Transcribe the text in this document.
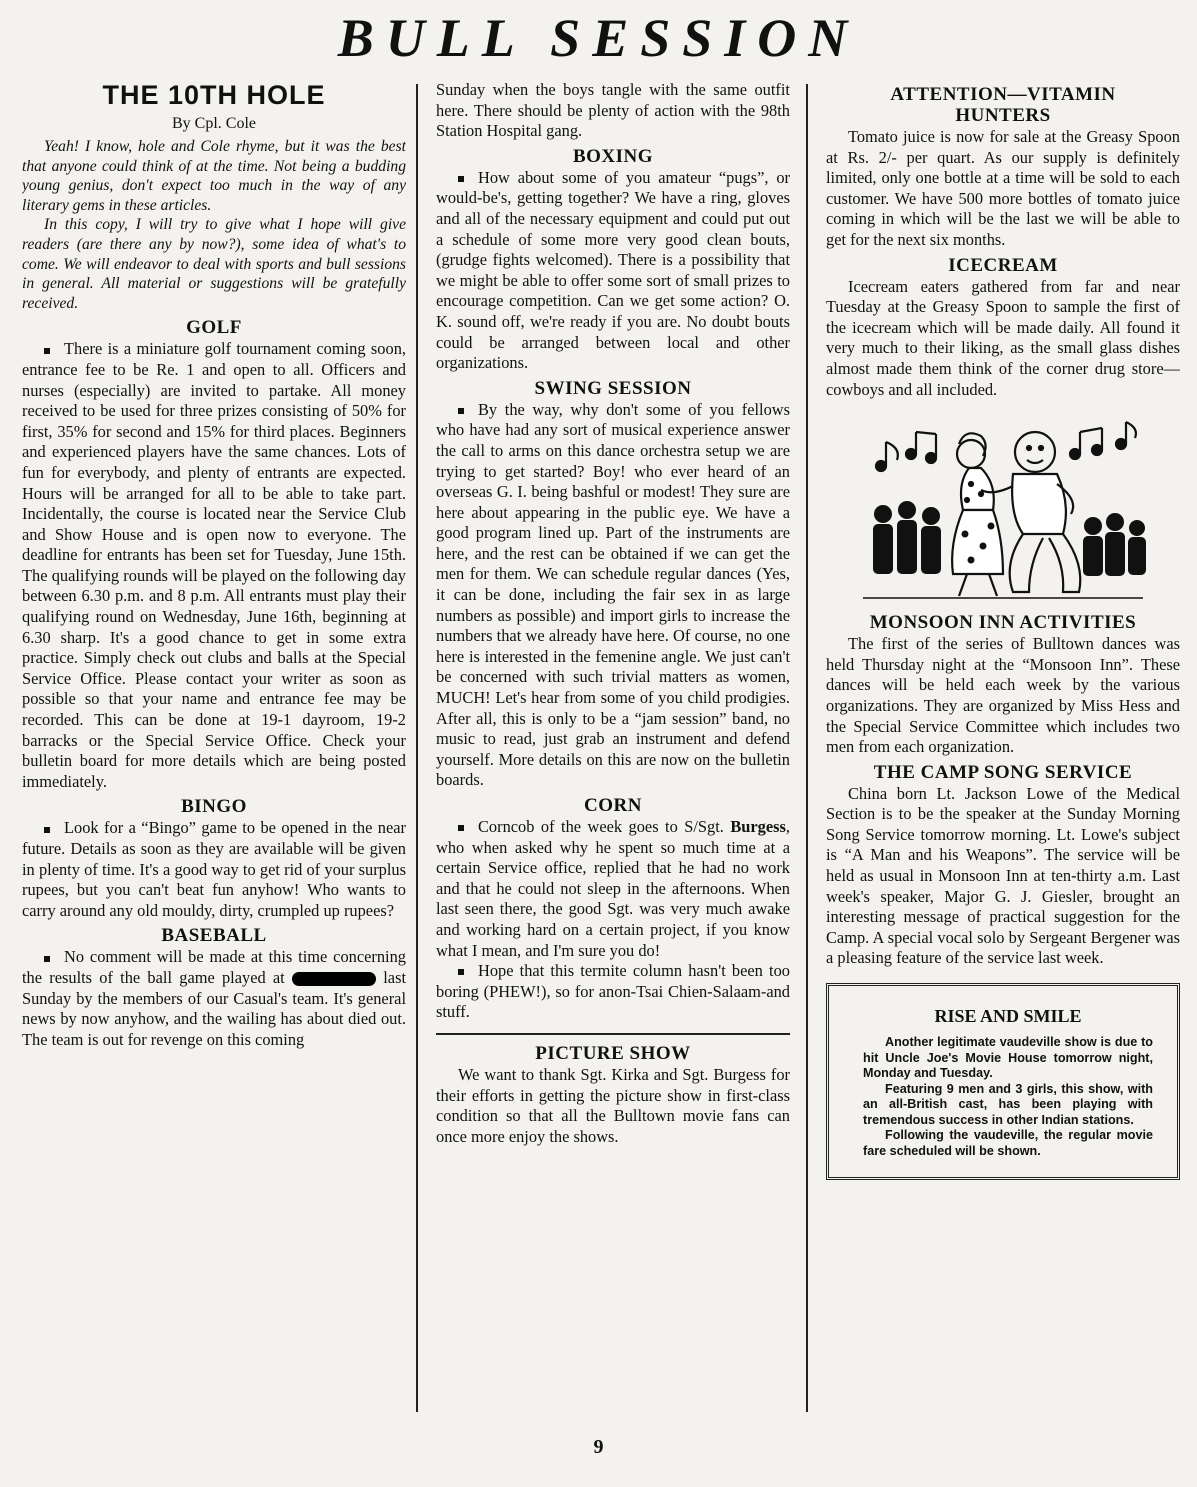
BULL SESSION
THE 10TH HOLE
By Cpl. Cole

Yeah! I know, hole and Cole rhyme, but it was the best that anyone could think of at the time. Not being a budding young genius, don't expect too much in the way of any literary gems in these articles.

In this copy, I will try to give what I hope will give readers (are there any by now?), some idea of what's to come. We will endeavor to deal with sports and bull sessions in general. All material or suggestions will be gratefully received.

GOLF

There is a miniature golf tournament coming soon, entrance fee to be Re. 1 and open to all. Officers and nurses (especially) are invited to partake. All money received to be used for three prizes consisting of 50% for first, 35% for second and 15% for third places. Beginners and experienced players have the same chances. Lots of fun for everybody, and plenty of entrants are expected. Hours will be arranged for all to be able to take part. Incidentally, the course is located near the Service Club and Show House and is open now to everyone. The deadline for entrants has been set for Tuesday, June 15th. The qualifying rounds will be played on the following day between 6.30 p.m. and 8 p.m. All entrants must play their qualifying round on Wednesday, June 16th, beginning at 6.30 sharp. It's a good chance to get in some extra practice. Simply check out clubs and balls at the Special Service Office. Please contact your writer as soon as possible so that your name and entrance fee may be recorded. This can be done at 19-1 dayroom, 19-2 barracks or the Special Service Office. Check your bulletin board for more details which are being posted immediately.

BINGO

Look for a “Bingo” game to be opened in the near future. Details as soon as they are available will be given in plenty of time. It's a good way to get rid of your surplus rupees, but you can't beat fun anyhow! Who wants to carry around any old mouldy, dirty, crumpled up rupees?

BASEBALL

No comment will be made at this time concerning the results of the ball game played at	last Sunday by the members of our Casual's team. It's general news by now anyhow, and the wailing has about died out. The team is out for revenge on this coming

Sunday when the boys tangle with the same outfit here. There should be plenty of action with the 98th Station Hospital gang.

BOXING

How about some of you amateur “pugs”, or would-be's, getting together? We have a ring, gloves and all of the necessary equipment and could put out a schedule of some more very good clean bouts, (grudge fights welcomed). There is a possibility that we might be able to offer some sort of small prizes to encourage competition. Can we get some action? O. K. sound off, we're ready if you are. No doubt bouts could be arranged between local and other organizations.

SWING SESSION

By the way, why don't some of you fellows who have had any sort of musical experience answer the call to arms on this dance orchestra setup we are trying to get started? Boy! who ever heard of an overseas G. I. being bashful or modest! They sure are here about appearing in the public eye. We have a good program lined up. Part of the instruments are here, and the rest can be obtained if we can get the men for them. We can schedule regular dances (Yes, it can be done, including the fair sex in as large numbers as possible) and import girls to increase the numbers that we already have here. Of course, no one here is interested in the femenine angle. We just can't be concerned with such trivial matters as women, MUCH! Let's hear from some of you child prodigies. After all, this is only to be a “jam session” band, no music to read, just grab an instrument and defend yourself. More details on this are now on the bulletin boards.

CORN

Corncob of the week goes to S/Sgt. Burgess, who when asked why he spent so much time at a certain Service office, replied that he had no work and that he could not sleep in the afternoons. When last seen there, the good Sgt. was very much awake and working hard on a certain project, if you know what I mean, and I'm sure you do!

Hope that this termite column hasn't been too boring (PHEW!), so for anon-Tsai Chien-Salaam-and stuff.

PICTURE SHOW

We want to thank Sgt. Kirka and Sgt. Burgess for their efforts in getting the picture show in first-class condition so that all the Bulltown movie fans can once more enjoy the shows.

ATTENTION—VITAMIN HUNTERS

Tomato juice is now for sale at the Greasy Spoon at Rs. 2/- per quart. As our supply is definitely limited, only one bottle at a time will be sold to each customer. We have 500 more bottles of tomato juice coming in which will be the last we will be able to get for the next six months.

ICECREAM

Icecream eaters gathered from far and near Tuesday at the Greasy Spoon to sample the first of the icecream which will be made daily. All found it very much to their liking, as the small glass dishes almost made them think of the corner drug store—cowboys and all included.

MONSOON INN ACTIVITIES

The first of the series of Bulltown dances was held Thursday night at the “Monsoon Inn”. These dances will be held each week by the various organizations. They are organized by Miss Hess and the Special Service Committee which includes two men from each organization.

THE CAMP SONG SERVICE

China born Lt. Jackson Lowe of the Medical Section is to be the speaker at the Sunday Morning Song Service tomorrow morning. Lt. Lowe's subject is “A Man and his Weapons”. The service will be held as usual in Monsoon Inn at ten-thirty a.m. Last week's speaker, Major G. J. Giesler, brought an interesting message of practical suggestion for the Camp. A special vocal solo by Sergeant Bergener was a pleasing feature of the service last week.

RISE AND SMILE

Another legitimate vaudeville show is due to hit Uncle Joe's Movie House tomorrow night, Monday and Tuesday.

Featuring 9 men and 3 girls, this show, with an all-British cast, has been playing with tremendous success in other Indian stations.

Following the vaudeville, the regular movie fare scheduled will be shown.

9
